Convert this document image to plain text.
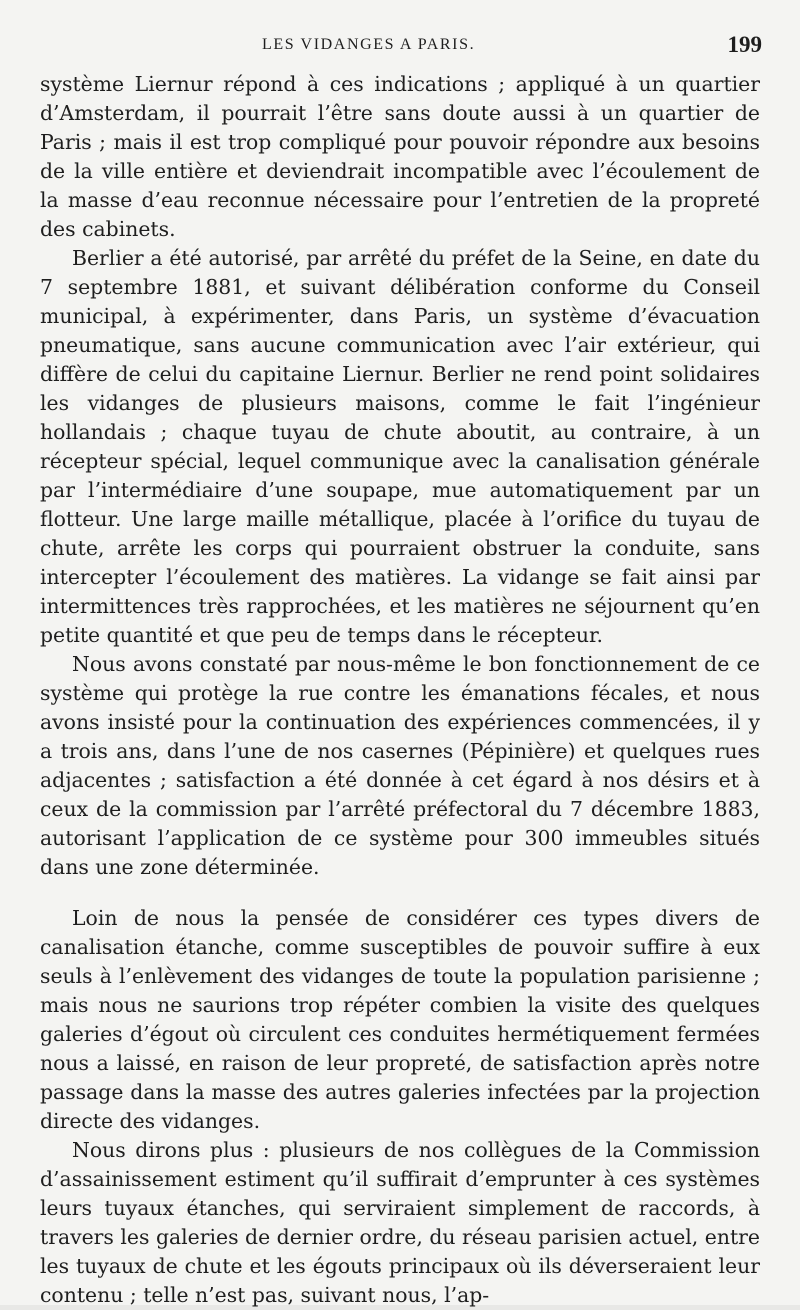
LES VIDANGES A PARIS.	199

système Liernur répond à ces indications ; appliqué à un quartier d’Amsterdam, il pourrait l’être sans doute aussi à un quartier de Paris ; mais il est trop compliqué pour pouvoir répondre aux besoins de la ville entière et deviendrait incompatible avec l’écoulement de la masse d’eau reconnue nécessaire pour l’entretien de la propreté des cabinets.

Berlier a été autorisé, par arrêté du préfet de la Seine, en date du 7 septembre 1881, et suivant délibération conforme du Conseil municipal, à expérimenter, dans Paris, un système d’évacuation pneumatique, sans aucune communication avec l’air extérieur, qui diffère de celui du capitaine Liernur. Berlier ne rend point solidaires les vidanges de plusieurs maisons, comme le fait l’ingénieur hollandais ; chaque tuyau de chute aboutit, au contraire, à un récepteur spécial, lequel communique avec la canalisation générale par l’intermédiaire d’une soupape, mue automatiquement par un flotteur. Une large maille métallique, placée à l’orifice du tuyau de chute, arrête les corps qui pourraient obstruer la conduite, sans intercepter l’écoulement des matières. La vidange se fait ainsi par intermittences très rapprochées, et les matières ne séjournent qu’en petite quantité et que peu de temps dans le récepteur.

Nous avons constaté par nous-même le bon fonctionnement de ce système qui protège la rue contre les émanations fécales, et nous avons insisté pour la continuation des expériences commencées, il y a trois ans, dans l’une de nos casernes (Pépinière) et quelques rues adjacentes ; satisfaction a été donnée à cet égard à nos désirs et à ceux de la commission par l’arrêté préfectoral du 7 décembre 1883, autorisant l’application de ce système pour 300 immeubles situés dans une zone déterminée.

Loin de nous la pensée de considérer ces types divers de canalisation étanche, comme susceptibles de pouvoir suffire à eux seuls à l’enlèvement des vidanges de toute la population parisienne ; mais nous ne saurions trop répéter combien la visite des quelques galeries d’égout où circulent ces conduites hermétiquement fermées nous a laissé, en raison de leur propreté, de satisfaction après notre passage dans la masse des autres galeries infectées par la projection directe des vidanges.

Nous dirons plus : plusieurs de nos collègues de la Commission d’assainissement estiment qu’il suffirait d’emprunter à ces systèmes leurs tuyaux étanches, qui serviraient simplement de raccords, à travers les galeries de dernier ordre, du réseau parisien actuel, entre les tuyaux de chute et les égouts principaux où ils déverseraient leur contenu ; telle n’est pas, suivant nous, l’ap-
